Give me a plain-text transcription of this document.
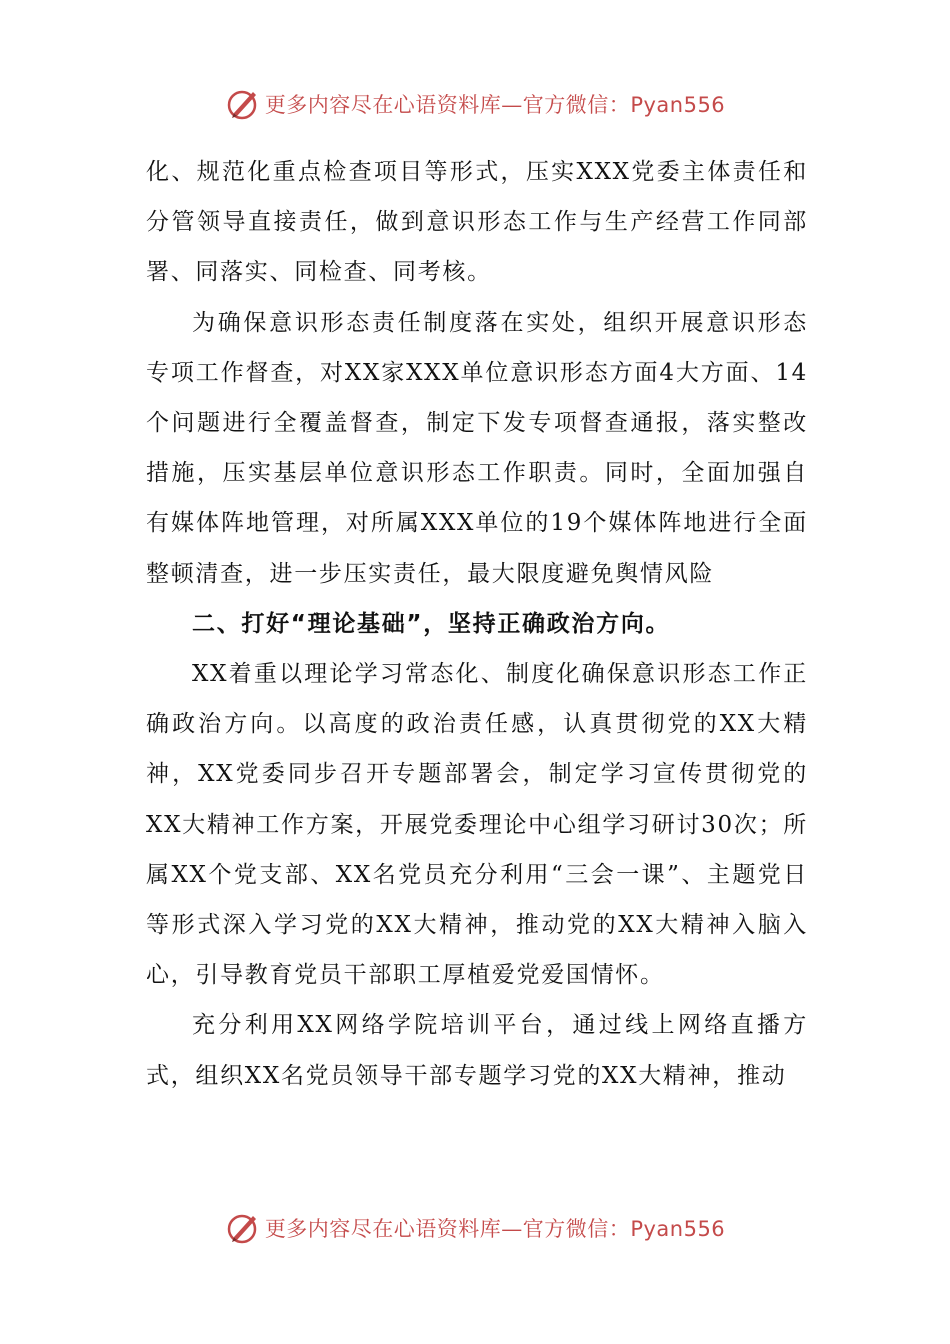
更多内容尽在心语资料库—官方微信：Pyan556

化、规范化重点检查项目等形式，压实XXX党委主体责任和分管领导直接责任，做到意识形态工作与生产经营工作同部署、同落实、同检查、同考核。

为确保意识形态责任制度落在实处，组织开展意识形态专项工作督查，对XX家XXX单位意识形态方面4大方面、14个问题进行全覆盖督查，制定下发专项督查通报，落实整改措施，压实基层单位意识形态工作职责。同时，全面加强自有媒体阵地管理，对所属XXX单位的19个媒体阵地进行全面整顿清查，进一步压实责任，最大限度避免舆情风险

二、打好“理论基础”，坚持正确政治方向。

XX着重以理论学习常态化、制度化确保意识形态工作正确政治方向。以高度的政治责任感，认真贯彻党的XX大精神，XX党委同步召开专题部署会，制定学习宣传贯彻党的XX大精神工作方案，开展党委理论中心组学习研讨30次；所属XX个党支部、XX名党员充分利用“三会一课”、主题党日等形式深入学习党的XX大精神，推动党的XX大精神入脑入心，引导教育党员干部职工厚植爱党爱国情怀。

充分利用XX网络学院培训平台，通过线上网络直播方式，组织XX名党员领导干部专题学习党的XX大精神，推动

更多内容尽在心语资料库—官方微信：Pyan556
